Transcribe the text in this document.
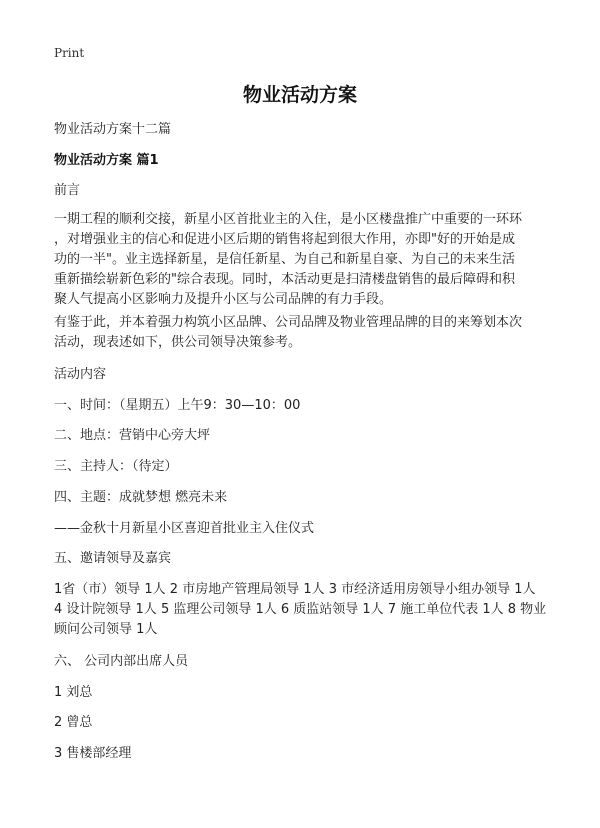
Print
物业活动方案
物业活动方案十二篇
物业活动方案 篇1
前言
一期工程的顺利交接，新星小区首批业主的入住，是小区楼盘推广中重要的一环环
，对增强业主的信心和促进小区后期的销售将起到很大作用，亦即"好的开始是成
功的一半"。业主选择新星，是信任新星、为自己和新星自豪、为自己的未来生活
重新描绘崭新色彩的"综合表现。同时，本活动更是扫清楼盘销售的最后障碍和积
聚人气提高小区影响力及提升小区与公司品牌的有力手段。
有鉴于此，并本着强力构筑小区品牌、公司品牌及物业管理品牌的目的来筹划本次
活动，现表述如下，供公司领导决策参考。
活动内容
一、时间：（星期五）上午9：30—10：00
二、地点：营销中心旁大坪
三、主持人：（待定）
四、主题：成就梦想 燃亮未来
——金秋十月新星小区喜迎首批业主入住仪式
五、邀请领导及嘉宾
1省（市）领导 1人 2 市房地产管理局领导 1人 3 市经济适用房领导小组办领导 1人
4 设计院领导 1人 5 监理公司领导 1人 6 质监站领导 1人 7 施工单位代表 1人 8 物业
顾问公司领导 1人
六、 公司内部出席人员
1 刘总
2 曾总
3 售楼部经理
